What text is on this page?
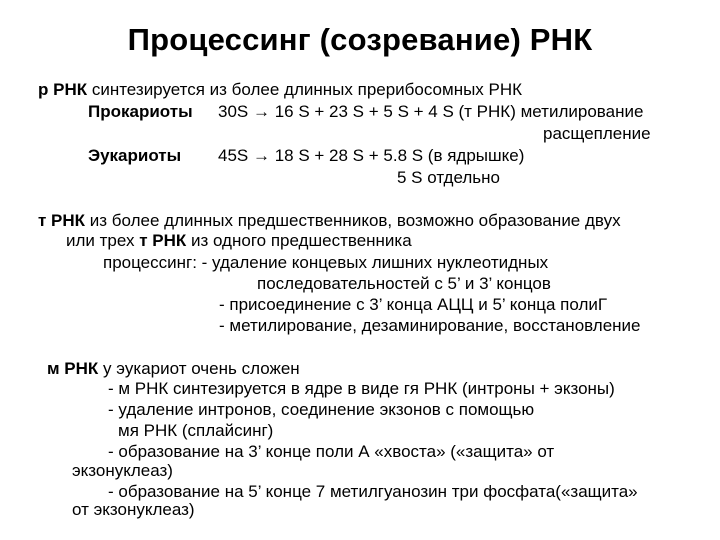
Процессинг (созревание) РНК
р РНК синтезируется из более длинных прерибосомных РНК
Прокариоты 30S → 16 S + 23 S + 5 S + 4 S (т РНК) метилирование
расщепление
Эукариоты 45S → 18 S + 28 S + 5.8 S (в ядрышке)
5 S отдельно
т РНК из более длинных предшественников, возможно образование двух
или трех т РНК из одного предшественника
процессинг: - удаление концевых лишних нуклеотидных
последовательностей с 5’ и 3’ концов
- присоединение с 3’ конца АЦЦ и 5’ конца полиГ
- метилирование, дезаминирование, восстановление
м РНК у эукариот очень сложен
- м РНК синтезируется в ядре в виде гя РНК (интроны + экзоны)
- удаление интронов, соединение экзонов с помощью
мя РНК (сплайсинг)
- образование на 3’ конце поли А «хвоста» («защита» от
экзонуклеаз)
- образование на 5’ конце 7 метилгуанозин три фосфата(«защита»
от экзонуклеаз)
